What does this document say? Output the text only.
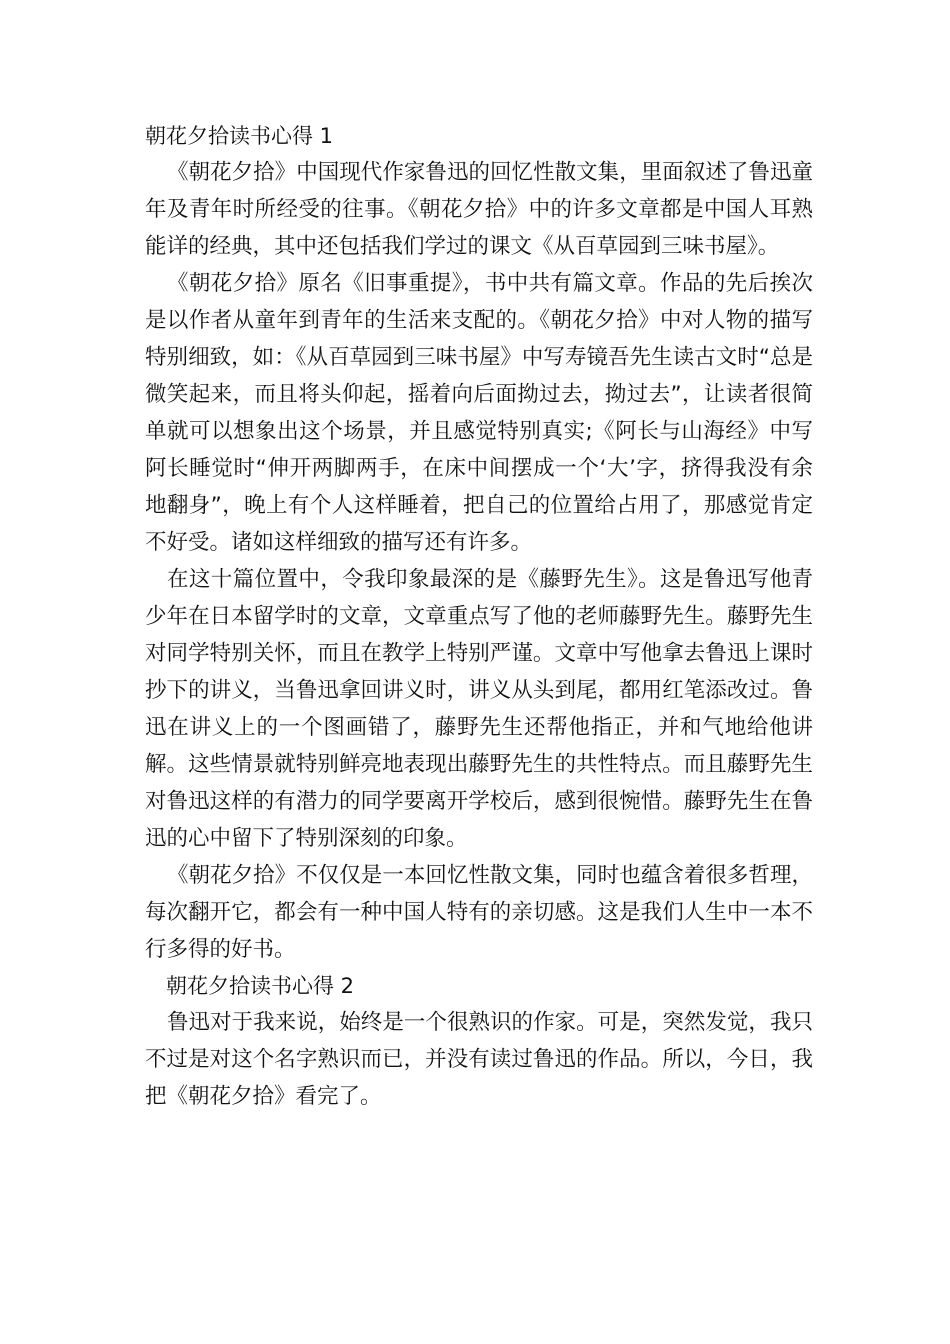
朝花夕拾读书心得 1

《朝花夕拾》中国现代作家鲁迅的回忆性散文集，里面叙述了鲁迅童年及青年时所经受的往事。《朝花夕拾》中的许多文章都是中国人耳熟能详的经典，其中还包括我们学过的课文《从百草园到三味书屋》。

《朝花夕拾》原名《旧事重提》，书中共有篇文章。作品的先后挨次是以作者从童年到青年的生活来支配的。《朝花夕拾》中对人物的描写特别细致，如：《从百草园到三味书屋》中写寿镜吾先生读古文时“总是微笑起来，而且将头仰起，摇着向后面拗过去，拗过去”，让读者很简单就可以想象出这个场景，并且感觉特别真实;《阿长与山海经》中写阿长睡觉时“伸开两脚两手，在床中间摆成一个‘大’字，挤得我没有余地翻身”，晚上有个人这样睡着，把自己的位置给占用了，那感觉肯定不好受。诸如这样细致的描写还有许多。

在这十篇位置中，令我印象最深的是《藤野先生》。这是鲁迅写他青少年在日本留学时的文章，文章重点写了他的老师藤野先生。藤野先生对同学特别关怀，而且在教学上特别严谨。文章中写他拿去鲁迅上课时抄下的讲义，当鲁迅拿回讲义时，讲义从头到尾，都用红笔添改过。鲁迅在讲义上的一个图画错了，藤野先生还帮他指正，并和气地给他讲解。这些情景就特别鲜亮地表现出藤野先生的共性特点。而且藤野先生对鲁迅这样的有潜力的同学要离开学校后，感到很惋惜。藤野先生在鲁迅的心中留下了特别深刻的印象。

《朝花夕拾》不仅仅是一本回忆性散文集，同时也蕴含着很多哲理，每次翻开它，都会有一种中国人特有的亲切感。这是我们人生中一本不行多得的好书。

朝花夕拾读书心得 2

鲁迅对于我来说，始终是一个很熟识的作家。可是，突然发觉，我只不过是对这个名字熟识而已，并没有读过鲁迅的作品。所以，今日，我把《朝花夕拾》看完了。
